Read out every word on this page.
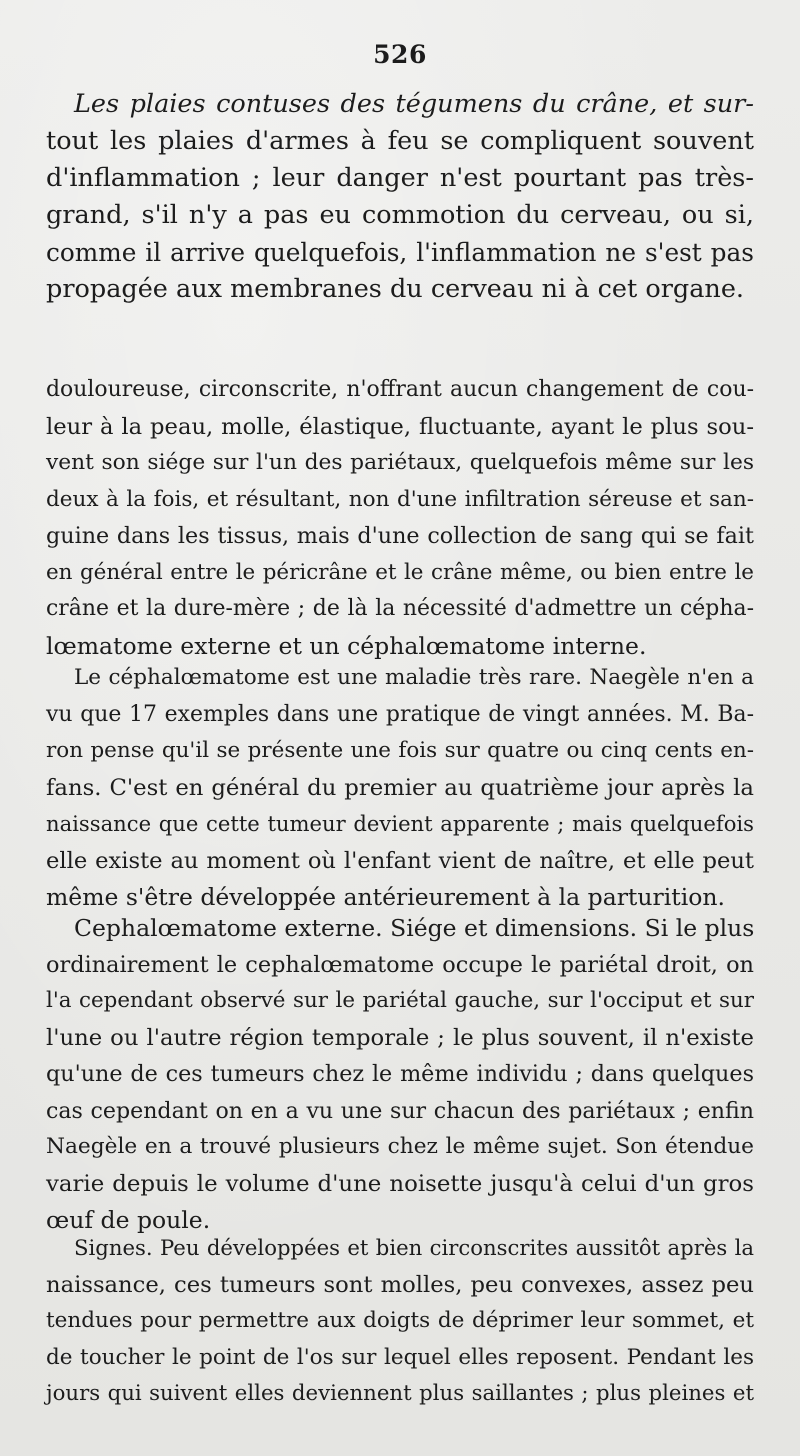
526
Les plaies contuses des tégumens du crâne, et sur-
tout les plaies d'armes à feu se compliquent souvent
d'inflammation ; leur danger n'est pourtant pas très-
grand, s'il n'y a pas eu commotion du cerveau, ou si,
comme il arrive quelquefois, l'inflammation ne s'est pas
propagée aux membranes du cerveau ni à cet organe.
douloureuse, circonscrite, n'offrant aucun changement de cou-
leur à la peau, molle, élastique, fluctuante, ayant le plus sou-
vent son siége sur l'un des pariétaux, quelquefois même sur les
deux à la fois, et résultant, non d'une infiltration séreuse et san-
guine dans les tissus, mais d'une collection de sang qui se fait
en général entre le péricrâne et le crâne même, ou bien entre le
crâne et la dure-mère ; de là la nécessité d'admettre un cépha-
lœmatome externe et un céphalœmatome interne.
Le céphalœmatome est une maladie très rare. Naegèle n'en a
vu que 17 exemples dans une pratique de vingt années. M. Ba-
ron pense qu'il se présente une fois sur quatre ou cinq cents en-
fans. C'est en général du premier au quatrième jour après la
naissance que cette tumeur devient apparente ; mais quelquefois
elle existe au moment où l'enfant vient de naître, et elle peut
même s'être développée antérieurement à la parturition.
Cephalœmatome externe. Siége et dimensions. Si le plus
ordinairement le cephalœmatome occupe le pariétal droit, on
l'a cependant observé sur le pariétal gauche, sur l'occiput et sur
l'une ou l'autre région temporale ; le plus souvent, il n'existe
qu'une de ces tumeurs chez le même individu ; dans quelques
cas cependant on en a vu une sur chacun des pariétaux ; enfin
Naegèle en a trouvé plusieurs chez le même sujet. Son étendue
varie depuis le volume d'une noisette jusqu'à celui d'un gros
œuf de poule.
Signes. Peu développées et bien circonscrites aussitôt après la
naissance, ces tumeurs sont molles, peu convexes, assez peu
tendues pour permettre aux doigts de déprimer leur sommet, et
de toucher le point de l'os sur lequel elles reposent. Pendant les
jours qui suivent elles deviennent plus saillantes ; plus pleines et
